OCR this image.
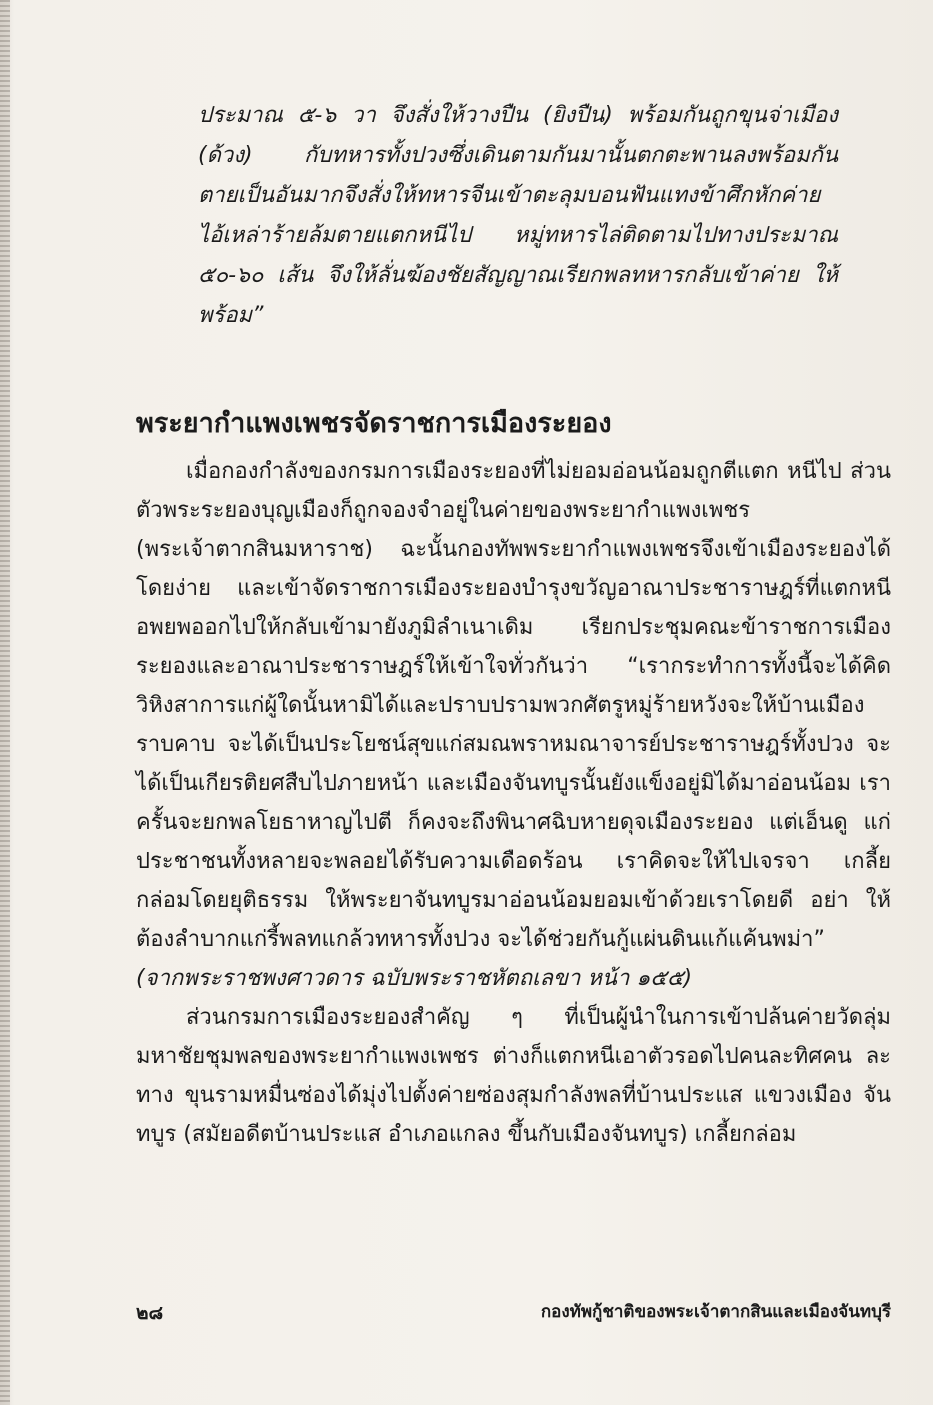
ประมาณ ๕-๖ วา จึงสั่งให้วางปืน (ยิงปืน) พร้อมกันถูกขุนจ่าเมือง (ด้วง) กับทหารทั้งปวงซึ่งเดินตามกันมานั้นตกตะพานลงพร้อมกัน ตายเป็นอันมากจึงสั่งให้ทหารจีนเข้าตะลุมบอนฟันแทงข้าศึกหักค่าย ไอ้เหล่าร้ายล้มตายแตกหนีไป หมู่ทหารไล่ติดตามไปทางประมาณ ๕๐-๖๐ เส้น จึงให้ลั่นฆ้องชัยสัญญาณเรียกพลทหารกลับเข้าค่าย ให้พร้อม”

พระยากำแพงเพชรจัดราชการเมืองระยอง

เมื่อกองกำลังของกรมการเมืองระยองที่ไม่ยอมอ่อนน้อมถูกตีแตก หนีไป ส่วนตัวพระระยองบุญเมืองก็ถูกจองจำอยู่ในค่ายของพระยากำแพงเพชร (พระเจ้าตากสินมหาราช) ฉะนั้นกองทัพพระยากำแพงเพชรจึงเข้าเมืองระยองได้ โดยง่าย และเข้าจัดราชการเมืองระยองบำรุงขวัญอาณาประชาราษฎร์ที่แตกหนี อพยพออกไปให้กลับเข้ามายังภูมิลำเนาเดิม เรียกประชุมคณะข้าราชการเมือง ระยองและอาณาประชาราษฎร์ให้เข้าใจทั่วกันว่า “เรากระทำการทั้งนี้จะได้คิด วิหิงสาการแก่ผู้ใดนั้นหามิได้และปราบปรามพวกศัตรูหมู่ร้ายหวังจะให้บ้านเมือง ราบคาบ จะได้เป็นประโยชน์สุขแก่สมณพราหมณาจารย์ประชาราษฎร์ทั้งปวง จะได้เป็นเกียรติยศสืบไปภายหน้า และเมืองจันทบูรนั้นยังแข็งอยู่มิได้มาอ่อนน้อม เรา ครั้นจะยกพลโยธาหาญไปตี ก็คงจะถึงพินาศฉิบหายดุจเมืองระยอง แต่เอ็นดู แก่ประชาชนทั้งหลายจะพลอยได้รับความเดือดร้อน เราคิดจะให้ไปเจรจา เกลี้ยกล่อมโดยยุติธรรม ให้พระยาจันทบูรมาอ่อนน้อมยอมเข้าด้วยเราโดยดี อย่า ให้ต้องลำบากแก่รี้พลทแกล้วทหารทั้งปวง จะได้ช่วยกันกู้แผ่นดินแก้แค้นพม่า”

(จากพระราชพงศาวดาร ฉบับพระราชหัตถเลขา หน้า ๑๕๕)

ส่วนกรมการเมืองระยองสำคัญ ๆ ที่เป็นผู้นำในการเข้าปล้นค่ายวัดลุ่ม มหาชัยชุมพลของพระยากำแพงเพชร ต่างก็แตกหนีเอาตัวรอดไปคนละทิศคน ละทาง ขุนรามหมื่นซ่องได้มุ่งไปตั้งค่ายซ่องสุมกำลังพลที่บ้านประแส แขวงเมือง จันทบูร (สมัยอดีตบ้านประแส อำเภอแกลง ขึ้นกับเมืองจันทบูร) เกลี้ยกล่อม

๒๘	กองทัพกู้ชาติของพระเจ้าตากสินและเมืองจันทบุรี
